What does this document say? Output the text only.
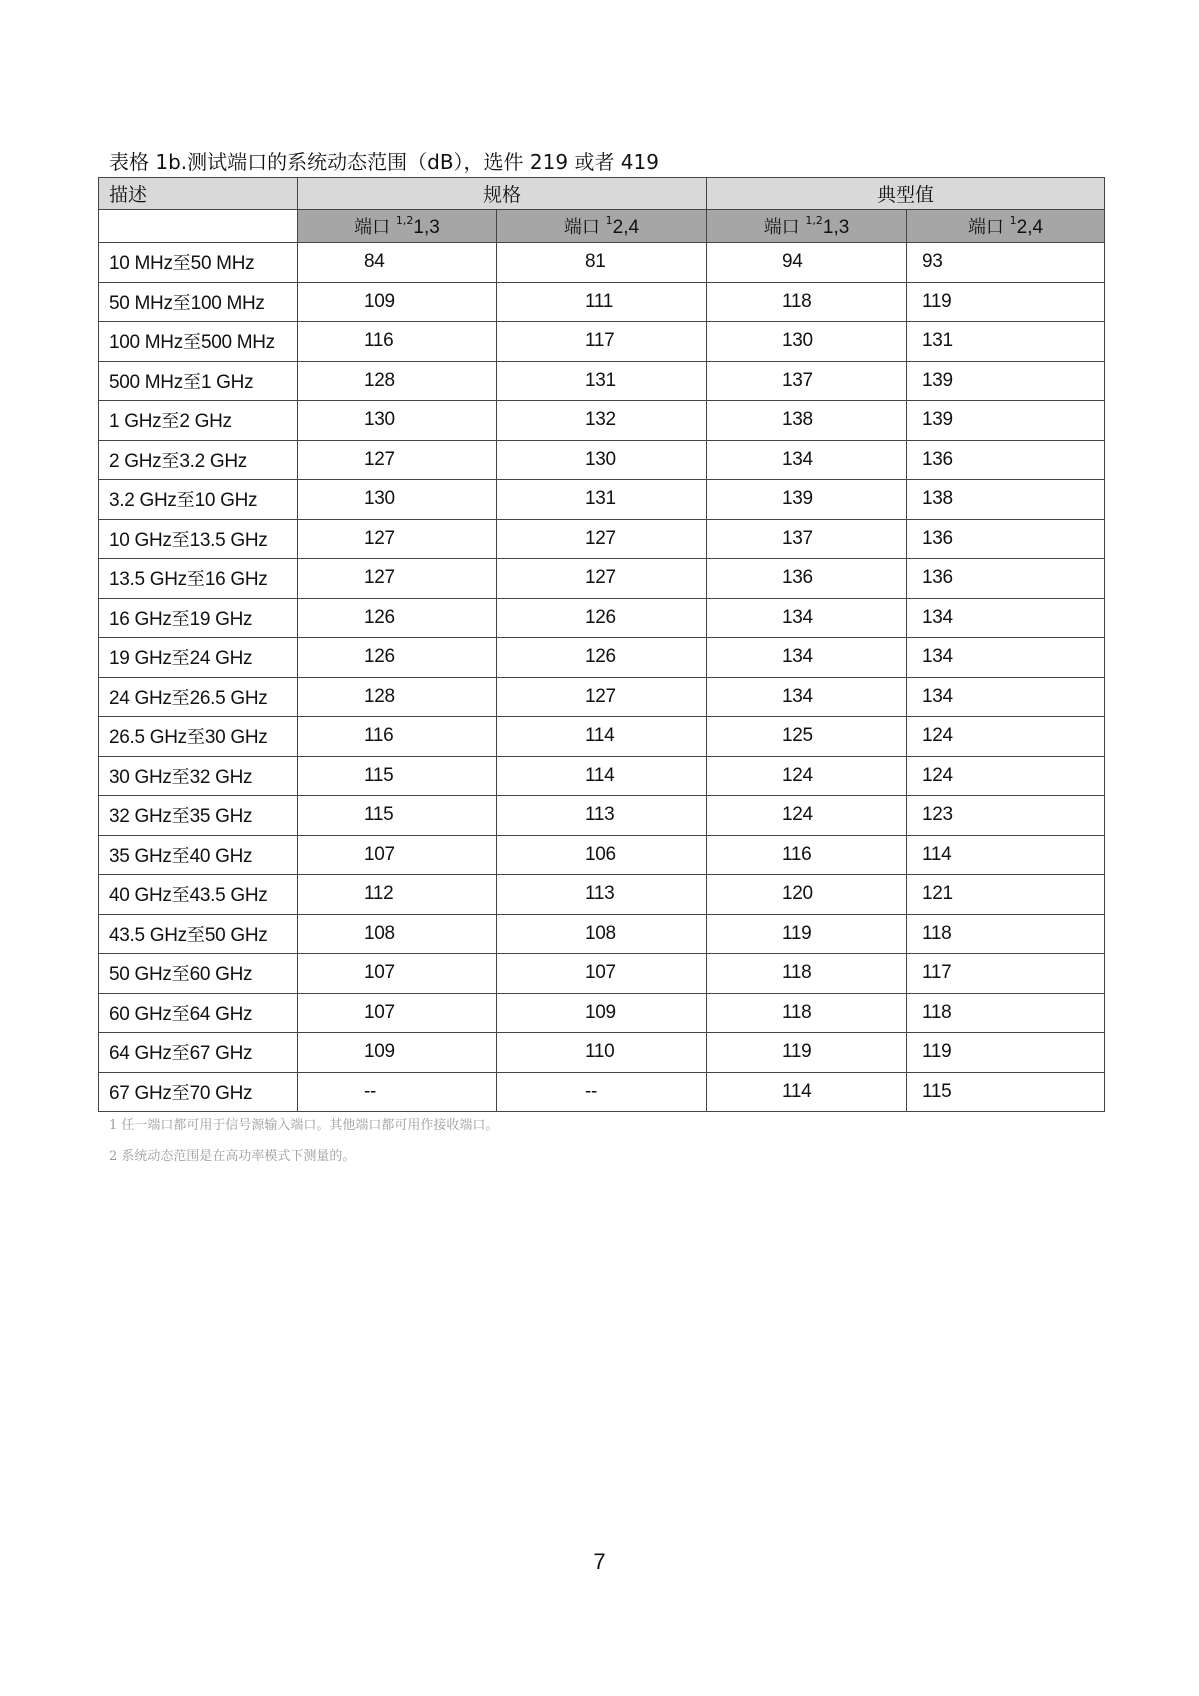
表格 1b.测试端口的系统动态范围（dB），选件 219 或者 419
描述	规格		典型值	
	端口 $^{1,2}$1,3	端口 $^1$2,4	端口 $^{1,2}$1,3	端口 $^1$2,4
10 MHz至50 MHz	84	81	94	93
50 MHz至100 MHz	109	111	118	119
100 MHz至500 MHz	116	117	130	131
500 MHz至1 GHz	128	131	137	139
1 GHz至2 GHz	130	132	138	139
2 GHz至3.2 GHz	127	130	134	136
3.2 GHz至10 GHz	130	131	139	138
10 GHz至13.5 GHz	127	127	137	136
13.5 GHz至16 GHz	127	127	136	136
16 GHz至19 GHz	126	126	134	134
19 GHz至24 GHz	126	126	134	134
24 GHz至26.5 GHz	128	127	134	134
26.5 GHz至30 GHz	116	114	125	124
30 GHz至32 GHz	115	114	124	124
32 GHz至35 GHz	115	113	124	123
35 GHz至40 GHz	107	106	116	114
40 GHz至43.5 GHz	112	113	120	121
43.5 GHz至50 GHz	108	108	119	118
50 GHz至60 GHz	107	107	118	117
60 GHz至64 GHz	107	109	118	118
64 GHz至67 GHz	109	110	119	119
67 GHz至70 GHz	--	--	114	115
1 任一端口都可用于信号源输入端口。其他端口都可用作接收端口。
2 系统动态范围是在高功率模式下测量的。
7
